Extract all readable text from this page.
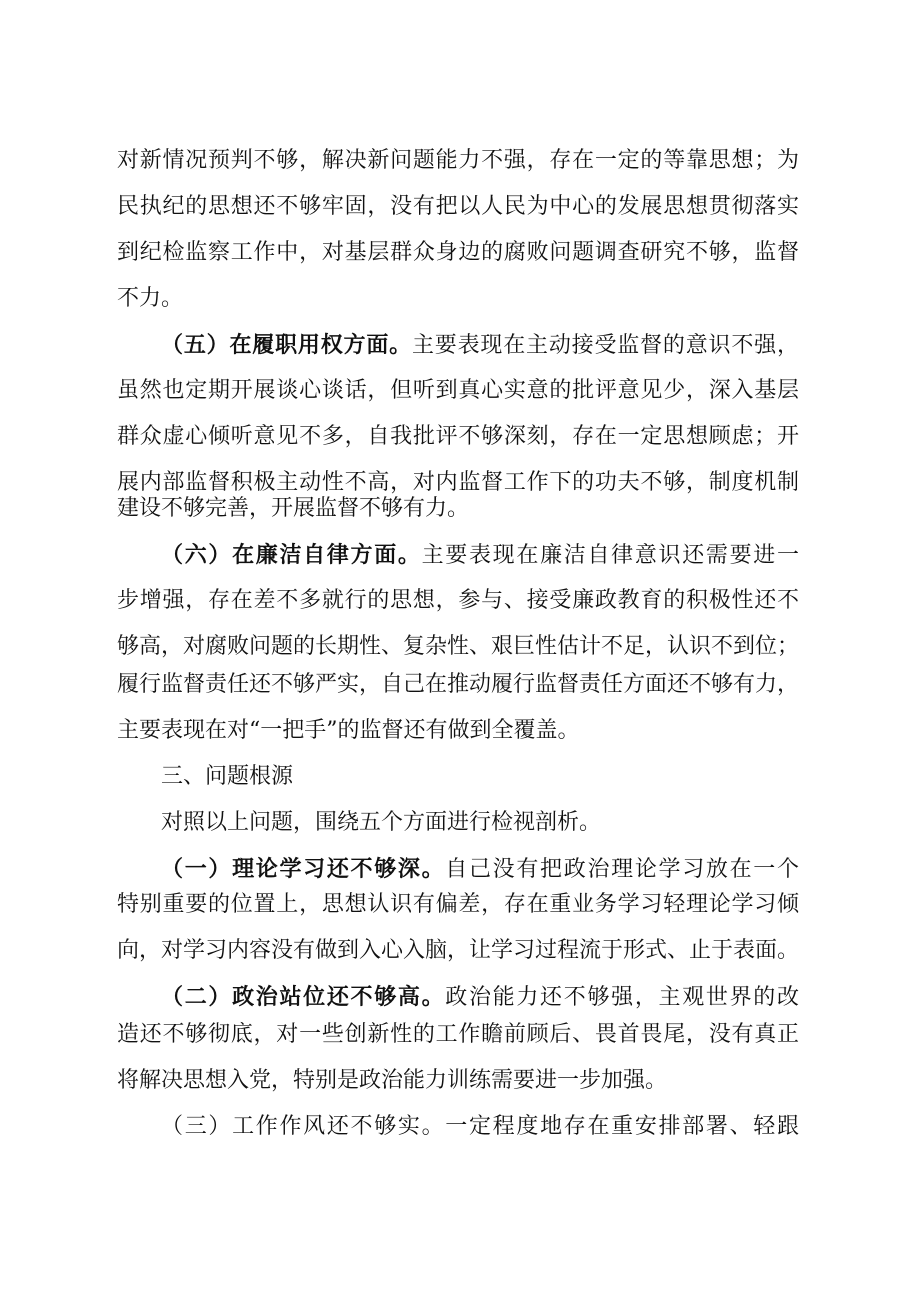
对新情况预判不够，解决新问题能力不强，存在一定的等靠思想；为
民执纪的思想还不够牢固，没有把以人民为中心的发展思想贯彻落实
到纪检监察工作中，对基层群众身边的腐败问题调查研究不够，监督
不力。
（五）在履职用权方面。主要表现在主动接受监督的意识不强，
虽然也定期开展谈心谈话，但听到真心实意的批评意见少，深入基层
群众虚心倾听意见不多，自我批评不够深刻，存在一定思想顾虑；开
展内部监督积极主动性不高，对内监督工作下的功夫不够，制度机制
建设不够完善，开展监督不够有力。
（六）在廉洁自律方面。主要表现在廉洁自律意识还需要进一
步增强，存在差不多就行的思想，参与、接受廉政教育的积极性还不
够高，对腐败问题的长期性、复杂性、艰巨性估计不足，认识不到位；
履行监督责任还不够严实，自己在推动履行监督责任方面还不够有力，
主要表现在对“一把手”的监督还有做到全覆盖。
三、问题根源
对照以上问题，围绕五个方面进行检视剖析。
（一）理论学习还不够深。自己没有把政治理论学习放在一个
特别重要的位置上，思想认识有偏差，存在重业务学习轻理论学习倾
向，对学习内容没有做到入心入脑，让学习过程流于形式、止于表面。
（二）政治站位还不够高。政治能力还不够强，主观世界的改
造还不够彻底，对一些创新性的工作瞻前顾后、畏首畏尾，没有真正
将解决思想入党，特别是政治能力训练需要进一步加强。
（三）工作作风还不够实。一定程度地存在重安排部署、轻跟
